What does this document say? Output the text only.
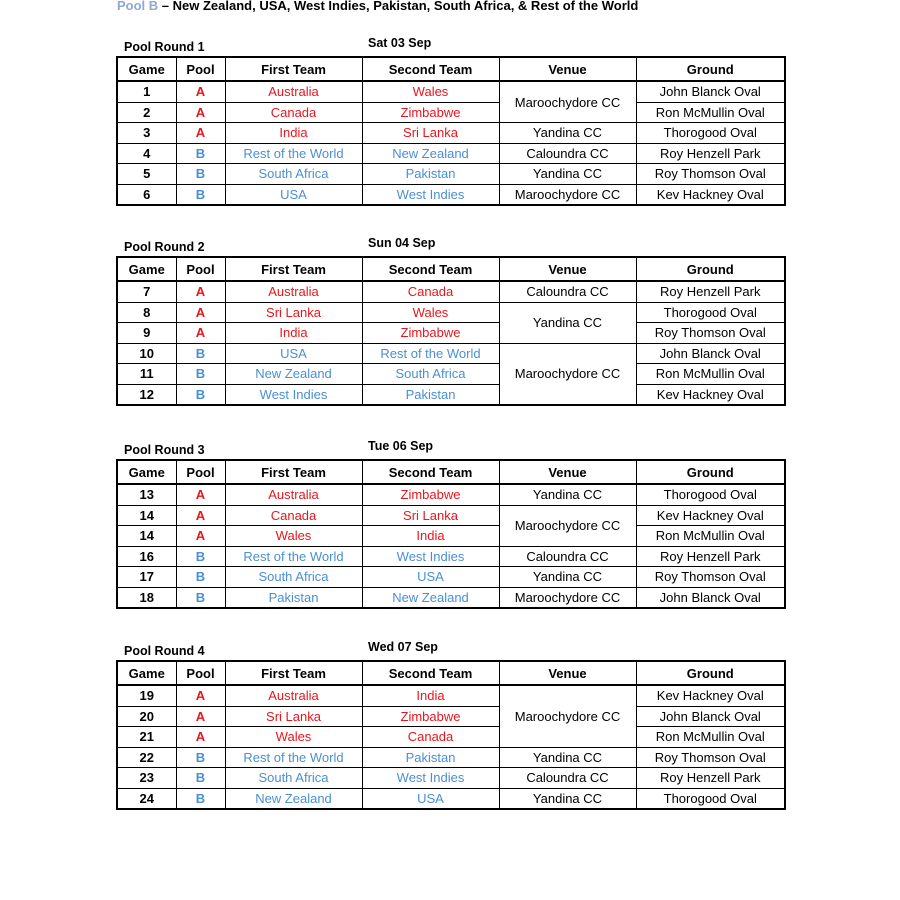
Pool B – New Zealand, USA, West Indies, Pakistan, South Africa, & Rest of the World
Pool Round 1	Sat 03 Sep
Game	Pool	First Team	Second Team	Venue	Ground
1	A	Australia	Wales	Maroochydore CC	John Blanck Oval
2	A	Canada	Zimbabwe		Ron McMullin Oval
3	A	India	Sri Lanka	Yandina CC	Thorogood Oval
4	B	Rest of the World	New Zealand	Caloundra CC	Roy Henzell Park
5	B	South Africa	Pakistan	Yandina CC	Roy Thomson Oval
6	B	USA	West Indies	Maroochydore CC	Kev Hackney Oval
Pool Round 2	Sun 04 Sep
Game	Pool	First Team	Second Team	Venue	Ground
7	A	Australia	Canada	Caloundra CC	Roy Henzell Park
8	A	Sri Lanka	Wales	Yandina CC	Thorogood Oval
9	A	India	Zimbabwe		Roy Thomson Oval
10	B	USA	Rest of the World	Maroochydore CC	John Blanck Oval
11	B	New Zealand	South Africa		Ron McMullin Oval
12	B	West Indies	Pakistan		Kev Hackney Oval
Pool Round 3	Tue 06 Sep
Game	Pool	First Team	Second Team	Venue	Ground
13	A	Australia	Zimbabwe	Yandina CC	Thorogood Oval
14	A	Canada	Sri Lanka	Maroochydore CC	Kev Hackney Oval
14	A	Wales	India		Ron McMullin Oval
16	B	Rest of the World	West Indies	Caloundra CC	Roy Henzell Park
17	B	South Africa	USA	Yandina CC	Roy Thomson Oval
18	B	Pakistan	New Zealand	Maroochydore CC	John Blanck Oval
Pool Round 4	Wed 07 Sep
Game	Pool	First Team	Second Team	Venue	Ground
19	A	Australia	India	Maroochydore CC	Kev Hackney Oval
20	A	Sri Lanka	Zimbabwe		John Blanck Oval
21	A	Wales	Canada		Ron McMullin Oval
22	B	Rest of the World	Pakistan	Yandina CC	Roy Thomson Oval
23	B	South Africa	West Indies	Caloundra CC	Roy Henzell Park
24	B	New Zealand	USA	Yandina CC	Thorogood Oval
